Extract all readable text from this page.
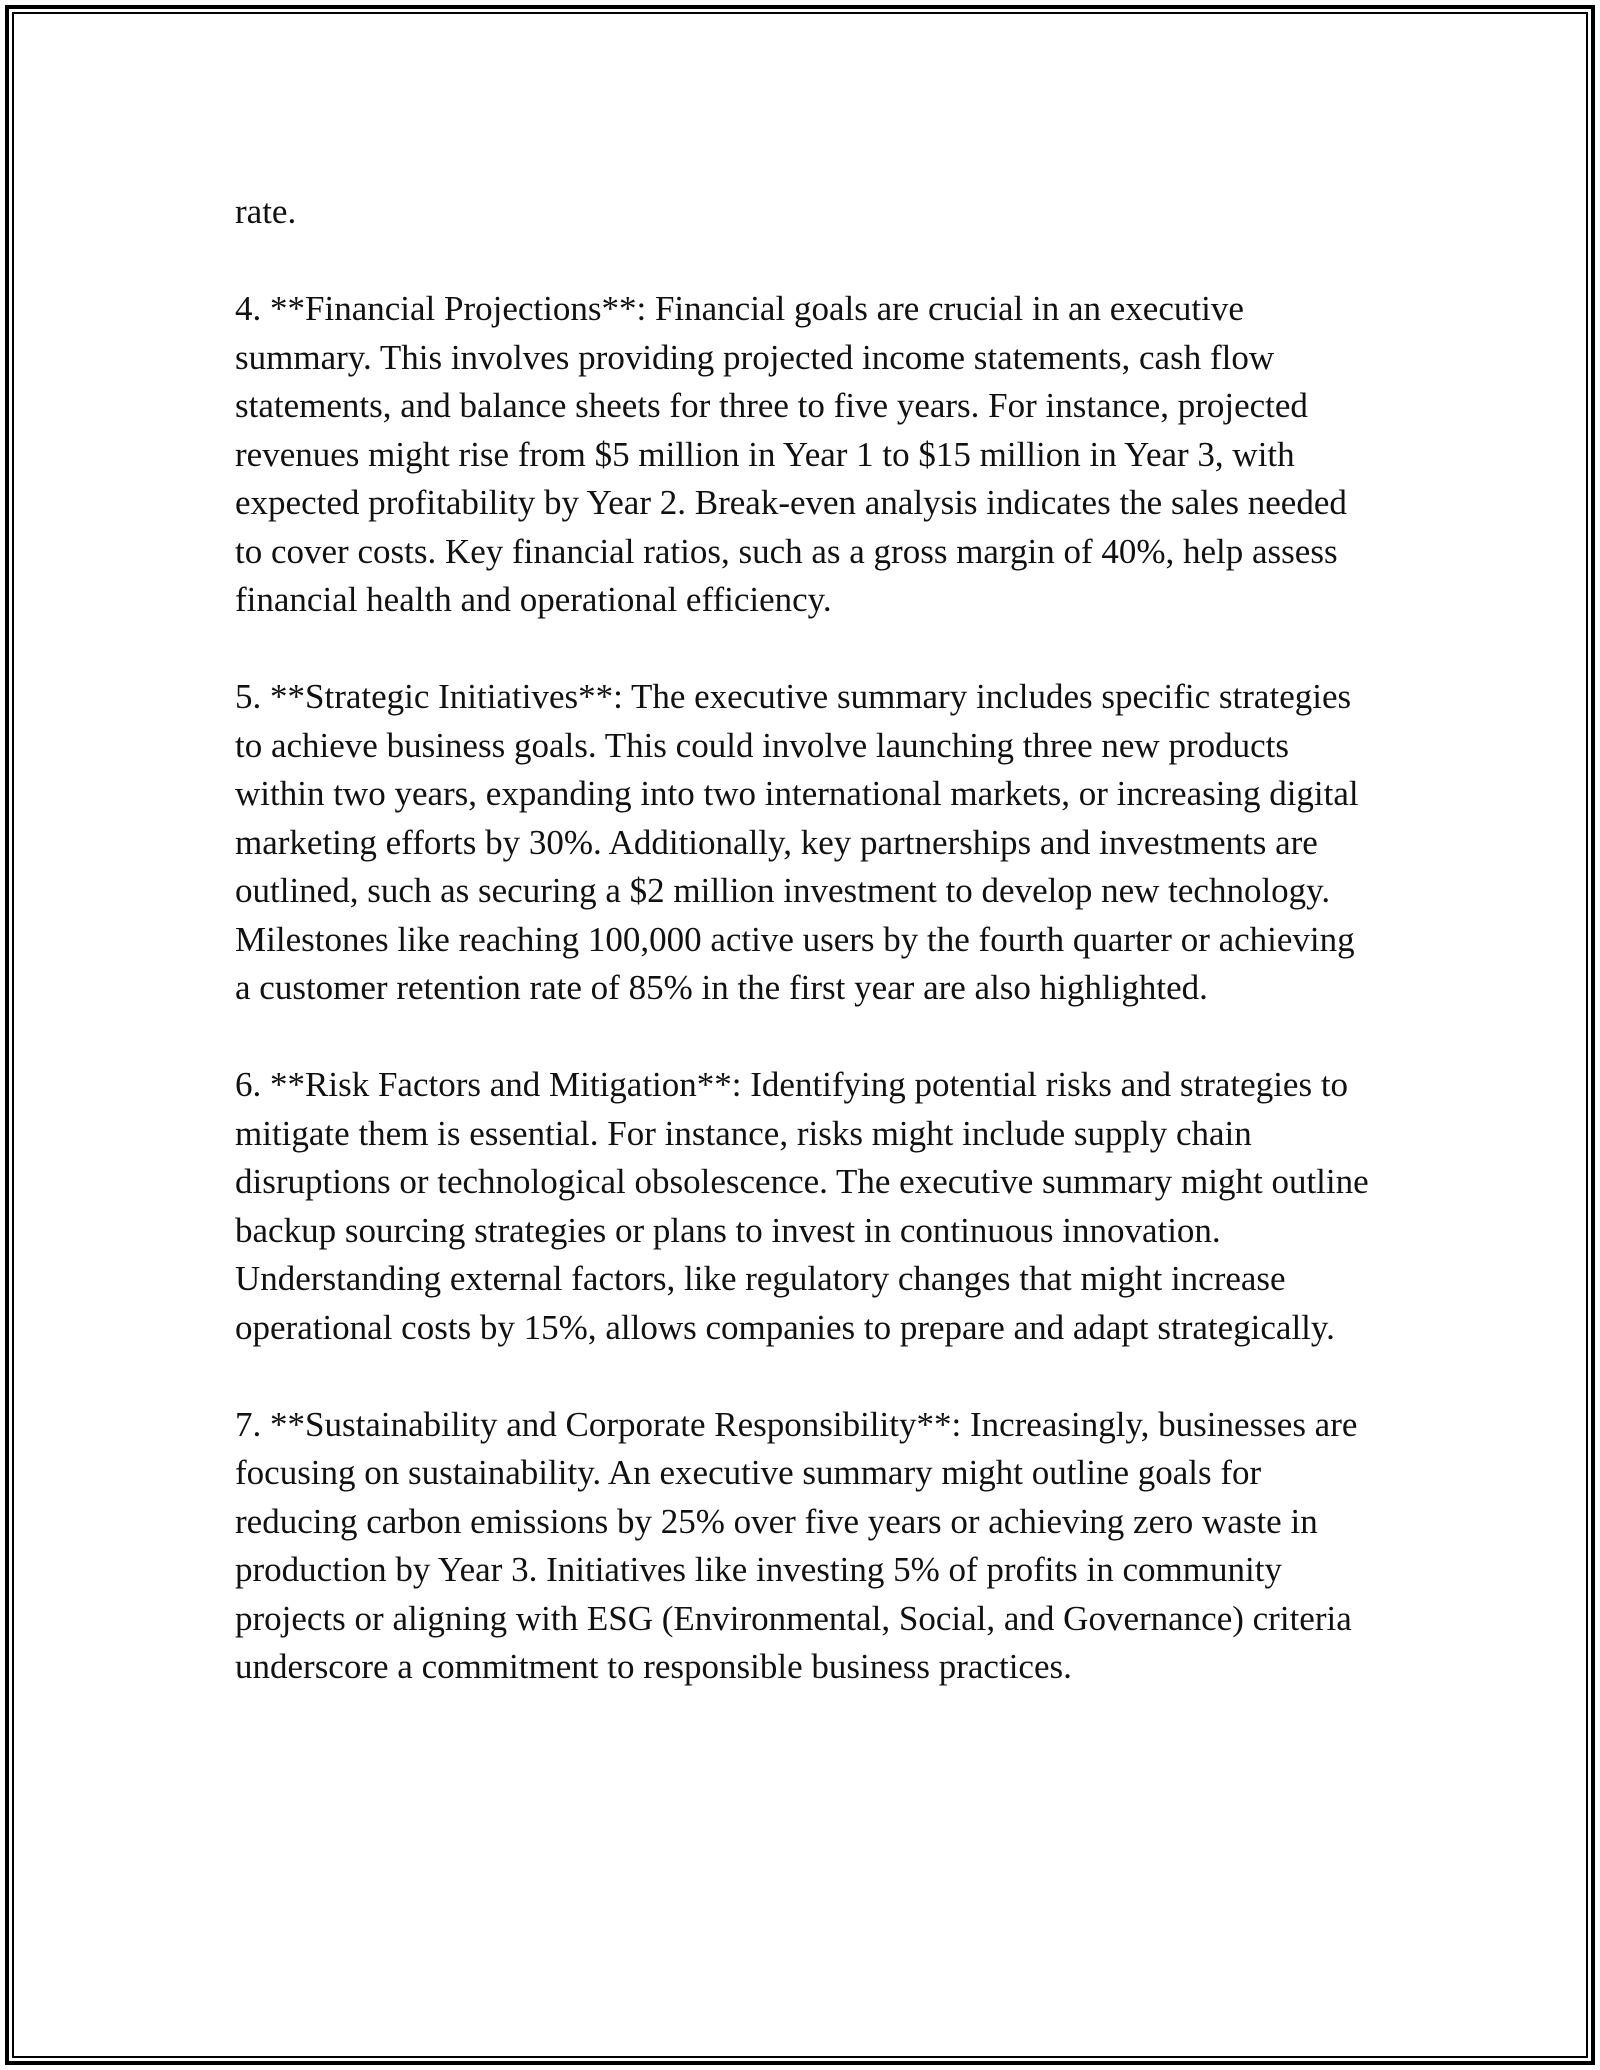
rate.

4. **Financial Projections**: Financial goals are crucial in an executive summary. This involves providing projected income statements, cash flow statements, and balance sheets for three to five years. For instance, projected revenues might rise from $5 million in Year 1 to $15 million in Year 3, with expected profitability by Year 2. Break-even analysis indicates the sales needed to cover costs. Key financial ratios, such as a gross margin of 40%, help assess financial health and operational efficiency.

5. **Strategic Initiatives**: The executive summary includes specific strategies to achieve business goals. This could involve launching three new products within two years, expanding into two international markets, or increasing digital marketing efforts by 30%. Additionally, key partnerships and investments are outlined, such as securing a $2 million investment to develop new technology. Milestones like reaching 100,000 active users by the fourth quarter or achieving a customer retention rate of 85% in the first year are also highlighted.

6. **Risk Factors and Mitigation**: Identifying potential risks and strategies to mitigate them is essential. For instance, risks might include supply chain disruptions or technological obsolescence. The executive summary might outline backup sourcing strategies or plans to invest in continuous innovation. Understanding external factors, like regulatory changes that might increase operational costs by 15%, allows companies to prepare and adapt strategically.

7. **Sustainability and Corporate Responsibility**: Increasingly, businesses are focusing on sustainability. An executive summary might outline goals for reducing carbon emissions by 25% over five years or achieving zero waste in production by Year 3. Initiatives like investing 5% of profits in community projects or aligning with ESG (Environmental, Social, and Governance) criteria underscore a commitment to responsible business practices.
